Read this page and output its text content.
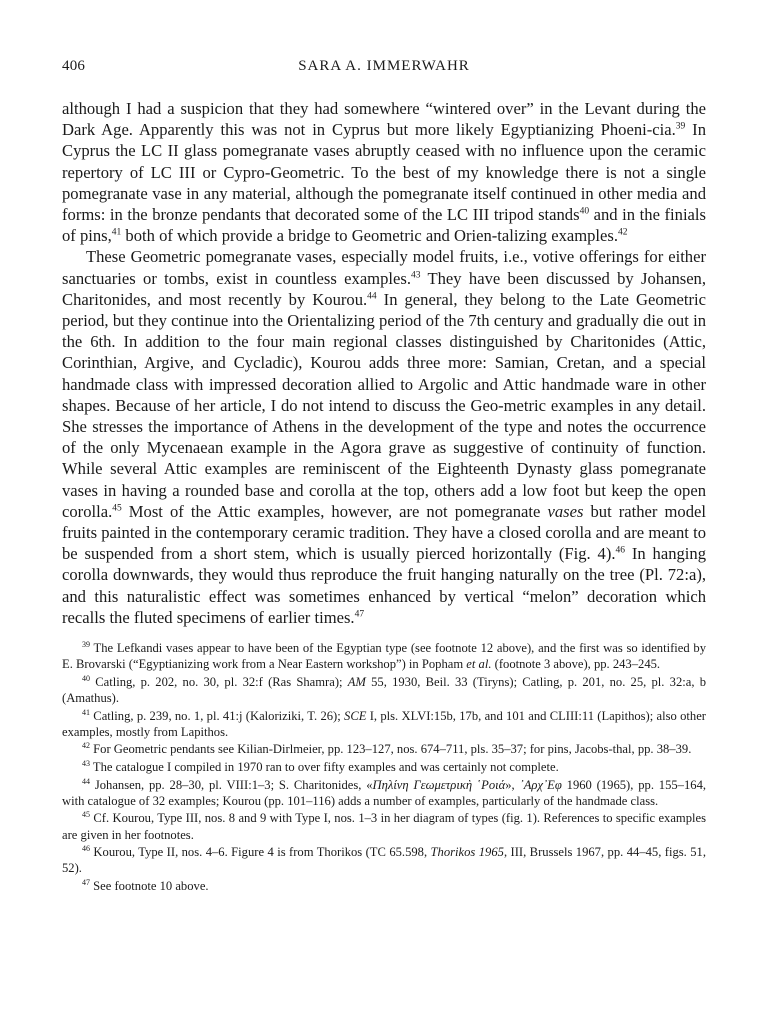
406	SARA A. IMMERWAHR

although I had a suspicion that they had somewhere “wintered over” in the Levant during the Dark Age. Apparently this was not in Cyprus but more likely Egyptianizing Phoeni-cia.$^{39}$ In Cyprus the LC II glass pomegranate vases abruptly ceased with no influence upon the ceramic repertory of LC III or Cypro-Geometric. To the best of my knowledge there is not a single pomegranate vase in any material, although the pomegranate itself continued in other media and forms: in the bronze pendants that decorated some of the LC III tripod stands$^{40}$ and in the finials of pins,$^{41}$ both of which provide a bridge to Geometric and Orien-talizing examples.$^{42}$

These Geometric pomegranate vases, especially model fruits, i.e., votive offerings for either sanctuaries or tombs, exist in countless examples.$^{43}$ They have been discussed by Johansen, Charitonides, and most recently by Kourou.$^{44}$ In general, they belong to the Late Geometric period, but they continue into the Orientalizing period of the 7th century and gradually die out in the 6th. In addition to the four main regional classes distinguished by Charitonides (Attic, Corinthian, Argive, and Cycladic), Kourou adds three more: Samian, Cretan, and a special handmade class with impressed decoration allied to Argolic and Attic handmade ware in other shapes. Because of her article, I do not intend to discuss the Geo-metric examples in any detail. She stresses the importance of Athens in the development of the type and notes the occurrence of the only Mycenaean example in the Agora grave as suggestive of continuity of function. While several Attic examples are reminiscent of the Eighteenth Dynasty glass pomegranate vases in having a rounded base and corolla at the top, others add a low foot but keep the open corolla.$^{45}$ Most of the Attic examples, however, are not pomegranate vases but rather model fruits painted in the contemporary ceramic tradition. They have a closed corolla and are meant to be suspended from a short stem, which is usually pierced horizontally (Fig. 4).$^{46}$ In hanging corolla downwards, they would thus reproduce the fruit hanging naturally on the tree (Pl. 72:a), and this naturalistic effect was sometimes enhanced by vertical “melon” decoration which recalls the fluted specimens of earlier times.$^{47}$

$^{39}$ The Lefkandi vases appear to have been of the Egyptian type (see footnote 12 above), and the first was so identified by E. Brovarski (“Egyptianizing work from a Near Eastern workshop”) in Popham et al. (footnote 3 above), pp. 243–245.

$^{40}$ Catling, p. 202, no. 30, pl. 32:f (Ras Shamra); AM 55, 1930, Beil. 33 (Tiryns); Catling, p. 201, no. 25, pl. 32:a, b (Amathus).

$^{41}$ Catling, p. 239, no. 1, pl. 41:j (Kaloriziki, T. 26); SCE I, pls. XLVI:15b, 17b, and 101 and CLIII:11 (Lapithos); also other examples, mostly from Lapithos.

$^{42}$ For Geometric pendants see Kilian-Dirlmeier, pp. 123–127, nos. 674–711, pls. 35–37; for pins, Jacobs-thal, pp. 38–39.

$^{43}$ The catalogue I compiled in 1970 ran to over fifty examples and was certainly not complete.

$^{44}$ Johansen, pp. 28–30, pl. VIII:1–3; S. Charitonides, «Πηλίνη Γεωμετρικὴ ῾Ροιά», ᾽Αρχ᾽Εφ 1960 (1965), pp. 155–164, with catalogue of 32 examples; Kourou (pp. 101–116) adds a number of examples, particularly of the handmade class.

$^{45}$ Cf. Kourou, Type III, nos. 8 and 9 with Type I, nos. 1–3 in her diagram of types (fig. 1). References to specific examples are given in her footnotes.

$^{46}$ Kourou, Type II, nos. 4–6. Figure 4 is from Thorikos (TC 65.598, Thorikos 1965, III, Brussels 1967, pp. 44–45, figs. 51, 52).

$^{47}$ See footnote 10 above.
